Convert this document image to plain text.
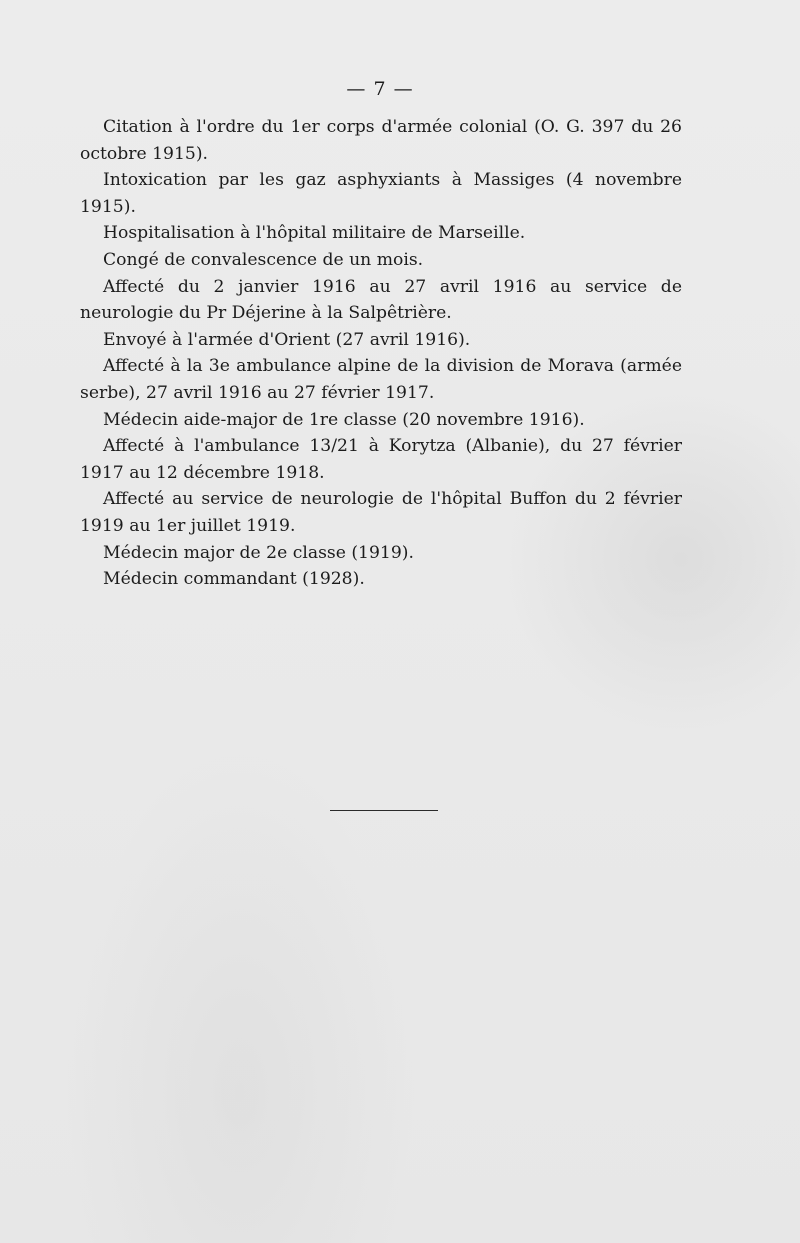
— 7 —

Citation à l'ordre du 1er corps d'armée colonial (O. G. 397 du 26 octobre 1915).

Intoxication par les gaz asphyxiants à Massiges (4 novembre 1915).

Hospitalisation à l'hôpital militaire de Marseille.

Congé de convalescence de un mois.

Affecté du 2 janvier 1916 au 27 avril 1916 au service de neurologie du Pr Déjerine à la Salpêtrière.

Envoyé à l'armée d'Orient (27 avril 1916).

Affecté à la 3e ambulance alpine de la division de Morava (armée serbe), 27 avril 1916 au 27 février 1917.

Médecin aide-major de 1re classe (20 novembre 1916).

Affecté à l'ambulance 13/21 à Korytza (Albanie), du 27 février 1917 au 12 décembre 1918.

Affecté au service de neurologie de l'hôpital Buffon du 2 février 1919 au 1er juillet 1919.

Médecin major de 2e classe (1919).

Médecin commandant (1928).
